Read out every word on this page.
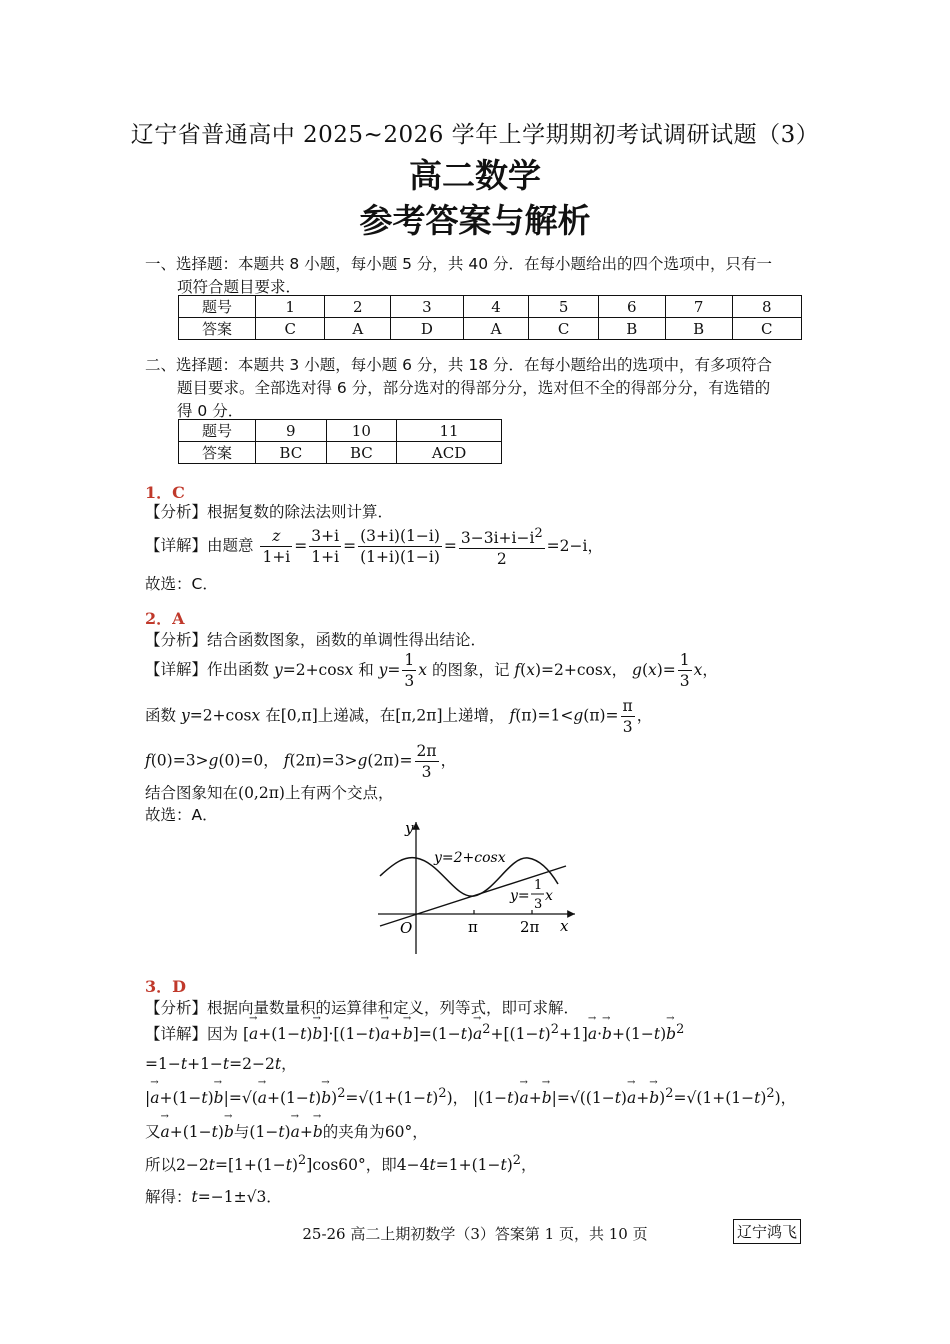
辽宁省普通高中 2025~2026 学年上学期期初考试调研试题（3）
高二数学
参考答案与解析
一、选择题：本题共 8 小题，每小题 5 分，共 40 分．在每小题给出的四个选项中，只有一
项符合题目要求．
题号	1	2	3	4	5	6	7	8
答案	C	A	D	A	C	B	B	C
二、选择题：本题共 3 小题，每小题 6 分，共 18 分．在每小题给出的选项中，有多项符合
题目要求。全部选对得 6 分，部分选对的得部分分，选对但不全的得部分分，有选错的
得 0 分．
题号	9	10	11
答案	BC	BC	ACD
1．C
【分析】根据复数的除法法则计算．
【详解】由题意 $\frac{z}{1+i} = \frac{3+i}{1+i} = \frac{(3+i)(1-i)}{(1+i)(1-i)} = \frac{3-3i+i-i^2}{2} =2-i$，
故选：C．
2．A
【分析】结合函数图象，函数的单调性得出结论．
【详解】作出函数 y=2+cosx 和 $y= \frac{1}{3}$ x 的图象，记 f(x)=2+cosx， $g(x)= \frac{1}{3}$ x，
函数 y=2+cosx 在[0,π]上递减，在[π,2π]上递增， $f(\pi)=1<g(\pi)= \frac{\pi}{3}$ ，
f(0)=3>g(0)=0， $f(2\pi)=3>g(2\pi)= \frac{2\pi}{3}$ ，
结合图象知在(0,2π)上有两个交点，
故选：A．
y
x
O	π	2π
y=2+cosx
y=
1
3
x
3．D
【分析】根据向量数量积的运算律和定义，列等式，即可求解．
【详解】因为 [→ $a+(1-t)\to b]\cdot[(1-t)\to a+\to b]=(1-t)\to a^2+[(1-t)^2+1]\to a\cdot\to b+(1-t)\to b^2$
=1−t+1−t=2−2t，
|→ $a+(1-t)\to b|=√(\to a+(1-t)\to b)^2=√(1+(1-t)^2)$， $|(1-t)\to a+\to b|=√((1-t)\to a+\to b)^2=√(1+(1-t)^2)$，
又→ a+(1−t)→ b与(1−t)→ a+→ b的夹角为60°，
所以$2-2t=[1+(1-t)^2]\cos 60^\circ$，即$4-4t=1+(1-t)^2$，
解得：t=−1±√3．
25-26 高二上期初数学（3）答案第 1 页，共 10 页	辽宁鸿飞
